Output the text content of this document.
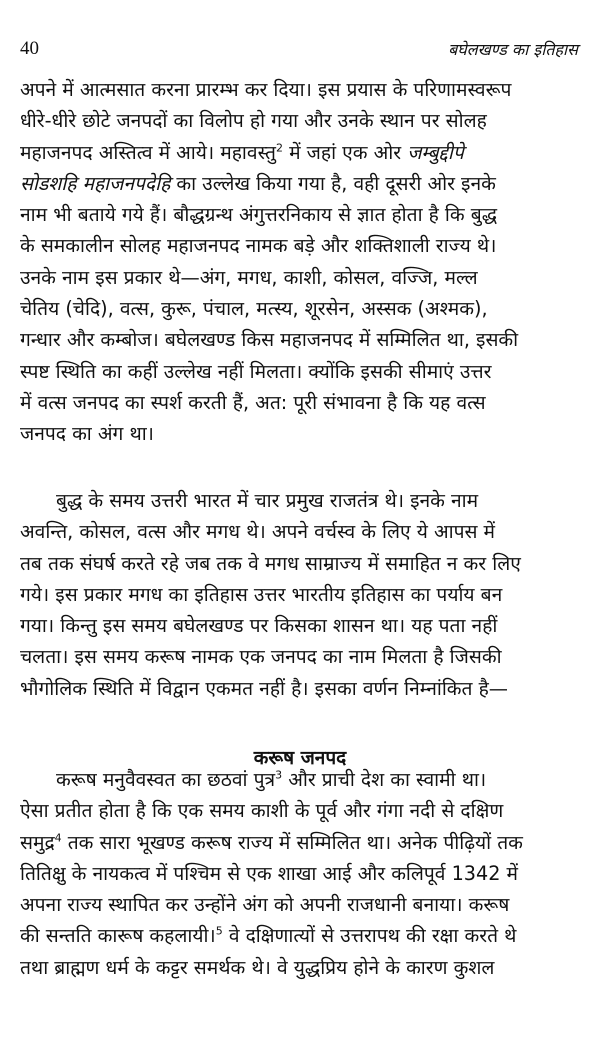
40	बघेलखण्ड का इतिहास

अपने में आत्मसात करना प्रारम्भ कर दिया। इस प्रयास के परिणामस्वरूप
धीरे-धीरे छोटे जनपदों का विलोप हो गया और उनके स्थान पर सोलह
महाजनपद अस्तित्व में आये। महावस्तु$^2$ में जहां एक ओर जम्बुद्दीपे
सोडशहि महाजनपदेहि का उल्लेख किया गया है, वही दूसरी ओर इनके
नाम भी बताये गये हैं। बौद्धग्रन्थ अंगुत्तरनिकाय से ज्ञात होता है कि बुद्ध
के समकालीन सोलह महाजनपद नामक बड़े और शक्तिशाली राज्य थे।
उनके नाम इस प्रकार थे—अंग, मगध, काशी, कोसल, वज्जि, मल्ल
चेतिय (चेदि), वत्स, कुरू, पंचाल, मत्स्य, शूरसेन, अस्सक (अश्मक),
गन्धार और कम्बोज। बघेलखण्ड किस महाजनपद में सम्मिलित था, इसकी
स्पष्ट स्थिति का कहीं उल्लेख नहीं मिलता। क्योंकि इसकी सीमाएं उत्तर
में वत्स जनपद का स्पर्श करती हैं, अत: पूरी संभावना है कि यह वत्स
जनपद का अंग था।

बुद्ध के समय उत्तरी भारत में चार प्रमुख राजतंत्र थे। इनके नाम
अवन्ति, कोसल, वत्स और मगध थे। अपने वर्चस्व के लिए ये आपस में
तब तक संघर्ष करते रहे जब तक वे मगध साम्राज्य में समाहित न कर लिए
गये। इस प्रकार मगध का इतिहास उत्तर भारतीय इतिहास का पर्याय बन
गया। किन्तु इस समय बघेलखण्ड पर किसका शासन था। यह पता नहीं
चलता। इस समय करूष नामक एक जनपद का नाम मिलता है जिसकी
भौगोलिक स्थिति में विद्वान एकमत नहीं है। इसका वर्णन निम्नांकित है—

करूष जनपद

करूष मनुवैवस्वत का छठवां पुत्र$^3$ और प्राची देश का स्वामी था।
ऐसा प्रतीत होता है कि एक समय काशी के पूर्व और गंगा नदी से दक्षिण
समुद्र$^4$ तक सारा भूखण्ड करूष राज्य में सम्मिलित था। अनेक पीढ़ियों तक
तितिक्षु के नायकत्व में पश्चिम से एक शाखा आई और कलिपूर्व 1342 में
अपना राज्य स्थापित कर उन्होंने अंग को अपनी राजधानी बनाया। करूष
की सन्तति कारूष कहलायी।$^5$ वे दक्षिणात्यों से उत्तरापथ की रक्षा करते थे
तथा ब्राह्मण धर्म के कट्टर समर्थक थे। वे युद्धप्रिय होने के कारण कुशल
